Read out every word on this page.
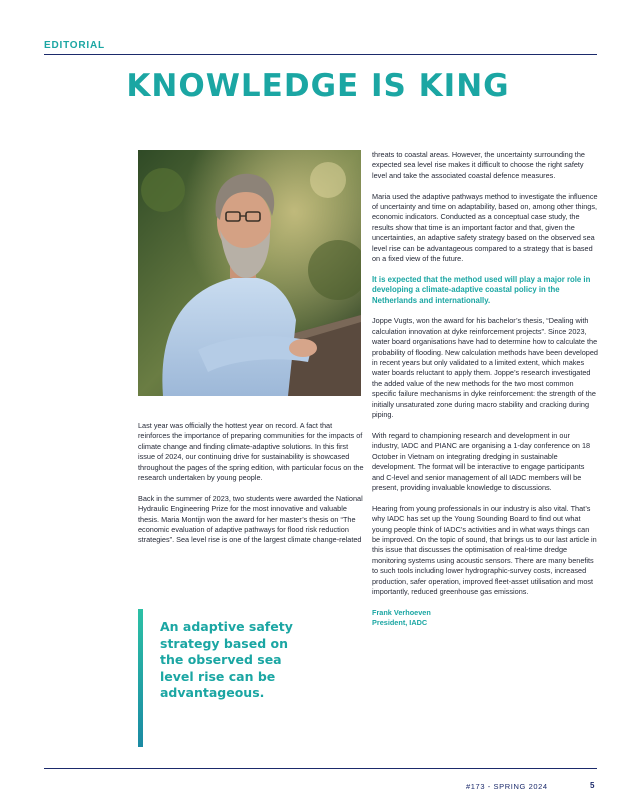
EDITORIAL
KNOWLEDGE IS KING

Last year was officially the hottest year on record. A fact that reinforces the importance of preparing communities for the impacts of climate change and finding climate-adaptive solutions. In this first issue of 2024, our continuing drive for sustainability is showcased throughout the pages of the spring edition, with particular focus on the research undertaken by young people.

Back in the summer of 2023, two students were awarded the National Hydraulic Engineering Prize for the most innovative and valuable thesis. Maria Montijn won the award for her master’s thesis on “The economic evaluation of adaptive pathways for flood risk reduction strategies”. Sea level rise is one of the largest climate change-related

An adaptive safety strategy based on the observed sea level rise can be advantageous.

threats to coastal areas. However, the uncertainty surrounding the expected sea level rise makes it difficult to choose the right safety level and take the associated coastal defence measures.

Maria used the adaptive pathways method to investigate the influence of uncertainty and time on adaptability, based on, among other things, economic indicators. Conducted as a conceptual case study, the results show that time is an important factor and that, given the uncertainties, an adaptive safety strategy based on the observed sea level rise can be advantageous compared to a strategy that is based on a fixed view of the future.

It is expected that the method used will play a major role in developing a climate-adaptive coastal policy in the Netherlands and internationally.

Joppe Vugts, won the award for his bachelor’s thesis, “Dealing with calculation innovation at dyke reinforcement projects”. Since 2023, water board organisations have had to determine how to calculate the probability of flooding. New calculation methods have been developed in recent years but only validated to a limited extent, which makes water boards reluctant to apply them. Joppe’s research investigated the added value of the new methods for the two most common specific failure mechanisms in dyke reinforcement: the strength of the initially unsaturated zone during macro stability and cracking during piping.

With regard to championing research and development in our industry, IADC and PIANC are organising a 1-day conference on 18 October in Vietnam on integrating dredging in sustainable development. The format will be interactive to engage participants and C-level and senior management of all IADC members will be present, providing invaluable knowledge to discussions.

Hearing from young professionals in our industry is also vital. That’s why IADC has set up the Young Sounding Board to find out what young people think of IADC’s activities and in what ways things can be improved. On the topic of sound, that brings us to our last article in this issue that discusses the optimisation of real-time dredge monitoring systems using acoustic sensors. There are many benefits to such tools including lower hydrographic-survey costs, increased production, safer operation, improved fleet-asset utilisation and most importantly, reduced greenhouse gas emissions.

Frank Verhoeven
President, IADC
#173 - SPRING 2024	5
